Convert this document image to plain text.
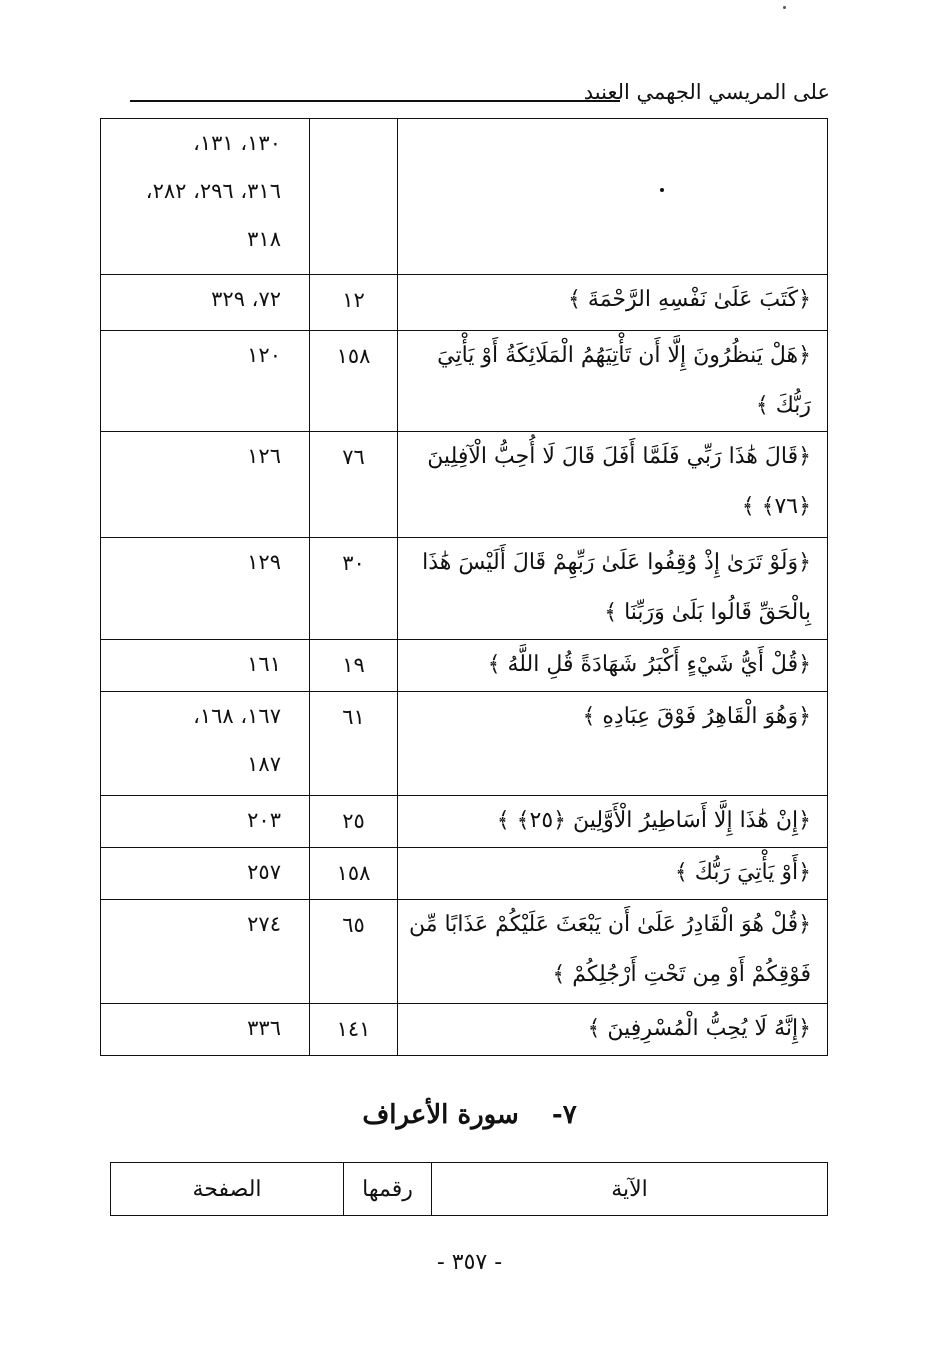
على المريسي الجهمي العنيد

		١٣٠، ١٣١،
٣١٦، ٢٩٦، ٢٨٢،
٣١٨

﴿كَتَبَ عَلَىٰ نَفْسِهِ الرَّحْمَةَ ﴾	١٢	٧٢، ٣٢٩

﴿هَلْ يَنظُرُونَ إِلَّا أَن تَأْتِيَهُمُ الْمَلَائِكَةُ أَوْ يَأْتِيَ رَبُّكَ ﴾	١٥٨	١٢٠

﴿قَالَ هَٰذَا رَبِّي فَلَمَّا أَفَلَ قَالَ لَا أُحِبُّ الْآفِلِينَ ﴿٧٦﴾ ﴾	٧٦	١٢٦

﴿وَلَوْ تَرَىٰ إِذْ وُقِفُوا عَلَىٰ رَبِّهِمْ قَالَ أَلَيْسَ هَٰذَا بِالْحَقِّ قَالُوا بَلَىٰ وَرَبِّنَا ﴾	٣٠	١٢٩

﴿قُلْ أَيُّ شَيْءٍ أَكْبَرُ شَهَادَةً قُلِ اللَّهُ ﴾	١٩	١٦١

﴿وَهُوَ الْقَاهِرُ فَوْقَ عِبَادِهِ ﴾	٦١	١٦٧، ١٦٨،
١٨٧

﴿إِنْ هَٰذَا إِلَّا أَسَاطِيرُ الْأَوَّلِينَ ﴿٢٥﴾ ﴾	٢٥	٢٠٣

﴿أَوْ يَأْتِيَ رَبُّكَ ﴾	١٥٨	٢٥٧

﴿قُلْ هُوَ الْقَادِرُ عَلَىٰ أَن يَبْعَثَ عَلَيْكُمْ عَذَابًا مِّن فَوْقِكُمْ أَوْ مِن تَحْتِ أَرْجُلِكُمْ ﴾	٦٥	٢٧٤

﴿إِنَّهُ لَا يُحِبُّ الْمُسْرِفِينَ ﴾	١٤١	٣٣٦
٧- سورة الأعراف
الآية	رقمها	الصفحة
- ٣٥٧ -
